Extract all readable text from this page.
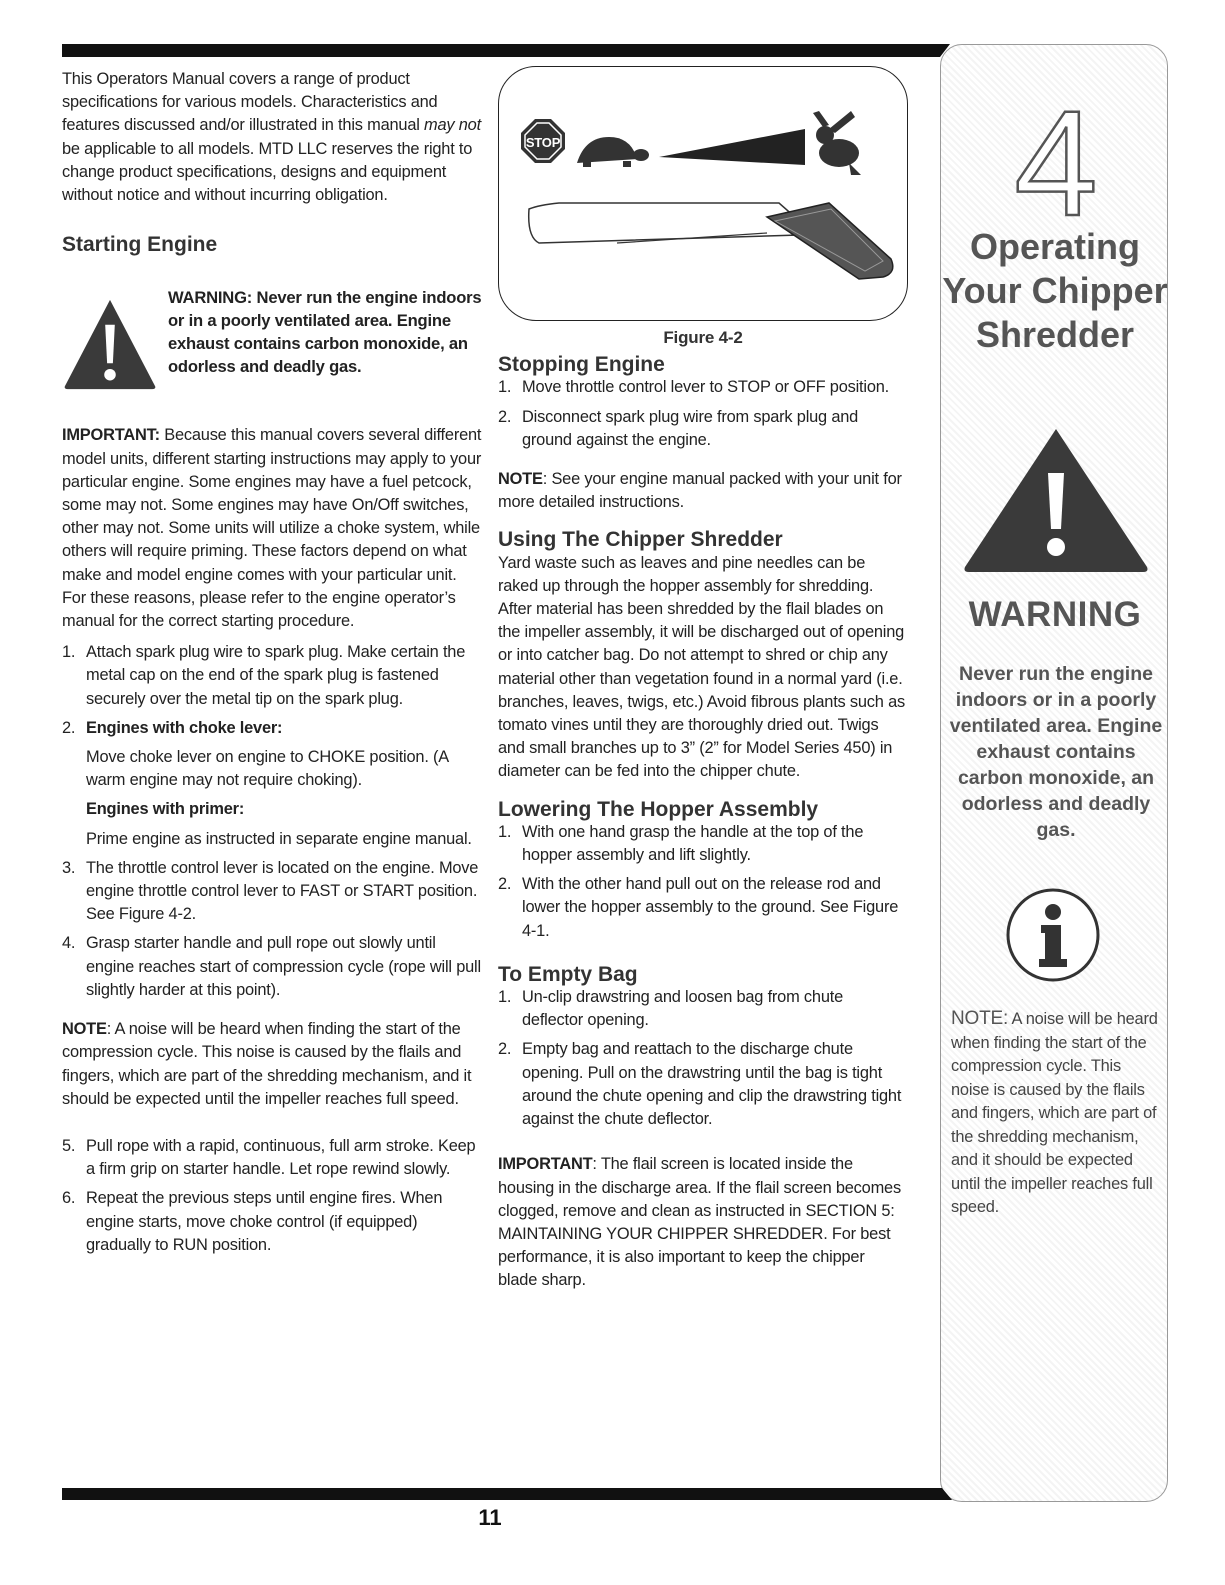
This Operators Manual covers a range of product specifications for various models. Characteristics and features discussed and/or illustrated in this manual may not be applicable to all models. MTD LLC reserves the right to change product specifications, designs and equipment without notice and without incurring obligation.

Starting Engine

WARNING: Never run the engine indoors or in a poorly ventilated area. Engine exhaust contains carbon monoxide, an odorless and deadly gas.

IMPORTANT: Because this manual covers several different model units, different starting instructions may apply to your particular engine. Some engines may have a fuel petcock, some may not. Some engines may have On/Off switches, other may not. Some units will utilize a choke system, while others will require priming. These factors depend on what make and model engine comes with your particular unit. For these reasons, please refer to the engine operator’s manual for the correct starting procedure.

1. Attach spark plug wire to spark plug. Make certain the metal cap on the end of the spark plug is fastened securely over the metal tip on the spark plug.
2. Engines with choke lever:

Move choke lever on engine to CHOKE position. (A warm engine may not require choking).

Engines with primer:

Prime engine as instructed in separate engine manual.

3. The throttle control lever is located on the engine. Move engine throttle control lever to FAST or START position. See Figure 4-2.
4. Grasp starter handle and pull rope out slowly until engine reaches start of compression cycle (rope will pull slightly harder at this point).

NOTE: A noise will be heard when finding the start of the compression cycle. This noise is caused by the flails and fingers, which are part of the shredding mechanism, and it should be expected until the impeller reaches full speed.

5. Pull rope with a rapid, continuous, full arm stroke. Keep a firm grip on starter handle. Let rope rewind slowly.
6. Repeat the previous steps until engine fires. When engine starts, move choke control (if equipped) gradually to RUN position.
STOP

Figure 4-2

Stopping Engine

1. Move throttle control lever to STOP or OFF position.
2. Disconnect spark plug wire from spark plug and ground against the engine.

NOTE: See your engine manual packed with your unit for more detailed instructions.

Using The Chipper Shredder

Yard waste such as leaves and pine needles can be raked up through the hopper assembly for shredding. After material has been shredded by the flail blades on the impeller assembly, it will be discharged out of opening or into catcher bag. Do not attempt to shred or chip any material other than vegetation found in a normal yard (i.e. branches, leaves, twigs, etc.) Avoid fibrous plants such as tomato vines until they are thoroughly dried out. Twigs and small branches up to 3” (2” for Model Series 450) in diameter can be fed into the chipper chute.

Lowering The Hopper Assembly

1. With one hand grasp the handle at the top of the hopper assembly and lift slightly.
2. With the other hand pull out on the release rod and lower the hopper assembly to the ground. See Figure 4-1.

To Empty Bag

1. Un-clip drawstring and loosen bag from chute deflector opening.
2. Empty bag and reattach to the discharge chute opening. Pull on the drawstring until the bag is tight around the chute opening and clip the drawstring tight against the chute deflector.

IMPORTANT: The flail screen is located inside the housing in the discharge area. If the flail screen becomes clogged, remove and clean as instructed in SECTION 5: MAINTAINING YOUR CHIPPER SHREDDER. For best performance, it is also important to keep the chipper blade sharp.

4
Operating
Your Chipper
Shredder
WARNING
Never run the engine indoors or in a poorly ventilated area. Engine exhaust contains carbon monoxide, an odorless and deadly gas.

NOTE: A noise will be heard when finding the start of the compression cycle. This noise is caused by the flails and fingers, which are part of the shredding mechanism, and it should be expected until the impeller reaches full speed.

11
